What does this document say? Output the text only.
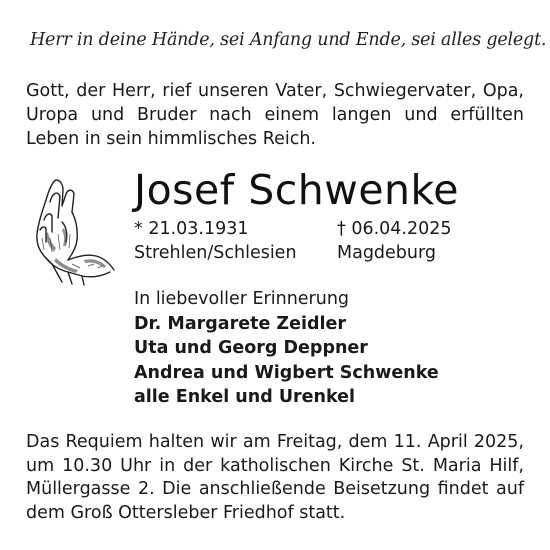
Herr in deine Hände, sei Anfang und Ende, sei alles gelegt.
Gott, der Herr, rief unseren Vater, Schwiegervater, Opa,
Uropa und Bruder nach einem langen und erfüllten
Leben in sein himmlisches Reich.
Josef Schwenke
* 21.03.1931
Strehlen/Schlesien
† 06.04.2025
Magdeburg
In liebevoller Erinnerung
Dr. Margarete Zeidler
Uta und Georg Deppner
Andrea und Wigbert Schwenke
alle Enkel und Urenkel
Das Requiem halten wir am Freitag, dem 11. April 2025,
um 10.30 Uhr in der katholischen Kirche St. Maria Hilf,
Müllergasse 2. Die anschließende Beisetzung findet auf
dem Groß Ottersleber Friedhof statt.
